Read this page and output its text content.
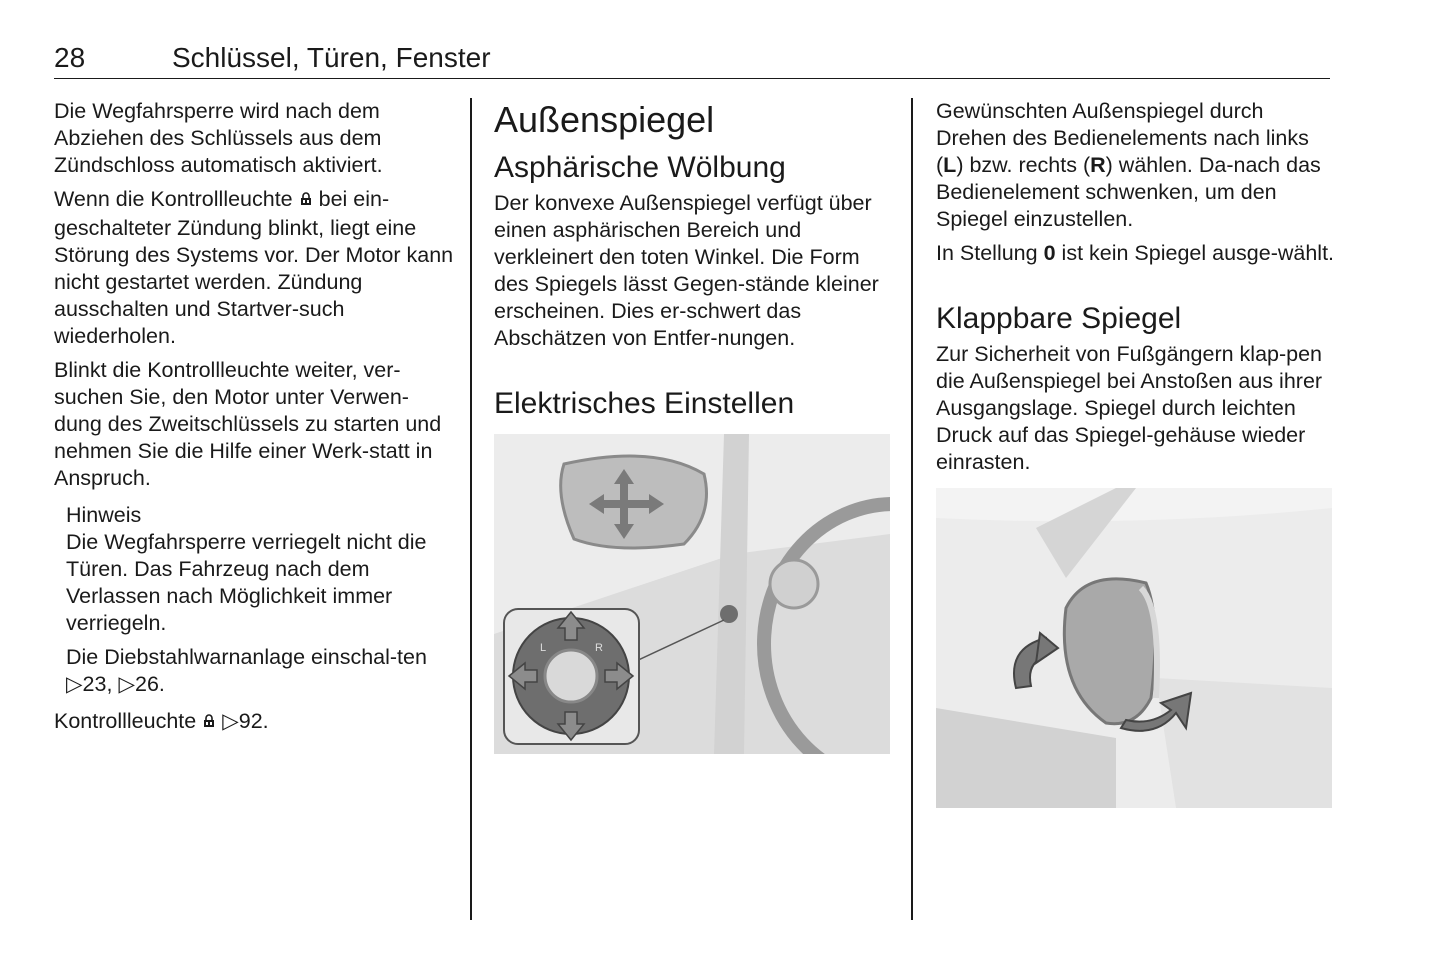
28	Schlüssel, Türen, Fenster

Die Wegfahrsperre wird nach dem Abziehen des Schlüssels aus dem Zündschloss automatisch aktiviert.

Wenn die Kontrollleuchte bei ein-geschalteter Zündung blinkt, liegt eine Störung des Systems vor. Der Motor kann nicht gestartet werden. Zündung ausschalten und Startver-such wiederholen.

Blinkt die Kontrollleuchte weiter, ver-suchen Sie, den Motor unter Verwen-dung des Zweitschlüssels zu starten und nehmen Sie die Hilfe einer Werk-statt in Anspruch.

Hinweis

Die Wegfahrsperre verriegelt nicht die Türen. Das Fahrzeug nach dem Verlassen nach Möglichkeit immer verriegeln.

Die Diebstahlwarnanlage einschal-ten ▷23, ▷26.

Kontrollleuchte ▷92.

Außenspiegel
Asphärische Wölbung

Der konvexe Außenspiegel verfügt über einen asphärischen Bereich und verkleinert den toten Winkel. Die Form des Spiegels lässt Gegen-stände kleiner erscheinen. Dies er-schwert das Abschätzen von Entfer-nungen.

Elektrisches Einstellen
L	R

Gewünschten Außenspiegel durch Drehen des Bedienelements nach links (L) bzw. rechts (R) wählen. Da-nach das Bedienelement schwenken, um den Spiegel einzustellen.

In Stellung 0 ist kein Spiegel ausge-wählt.

Klappbare Spiegel

Zur Sicherheit von Fußgängern klap-pen die Außenspiegel bei Anstoßen aus ihrer Ausgangslage. Spiegel durch leichten Druck auf das Spiegel-gehäuse wieder einrasten.
